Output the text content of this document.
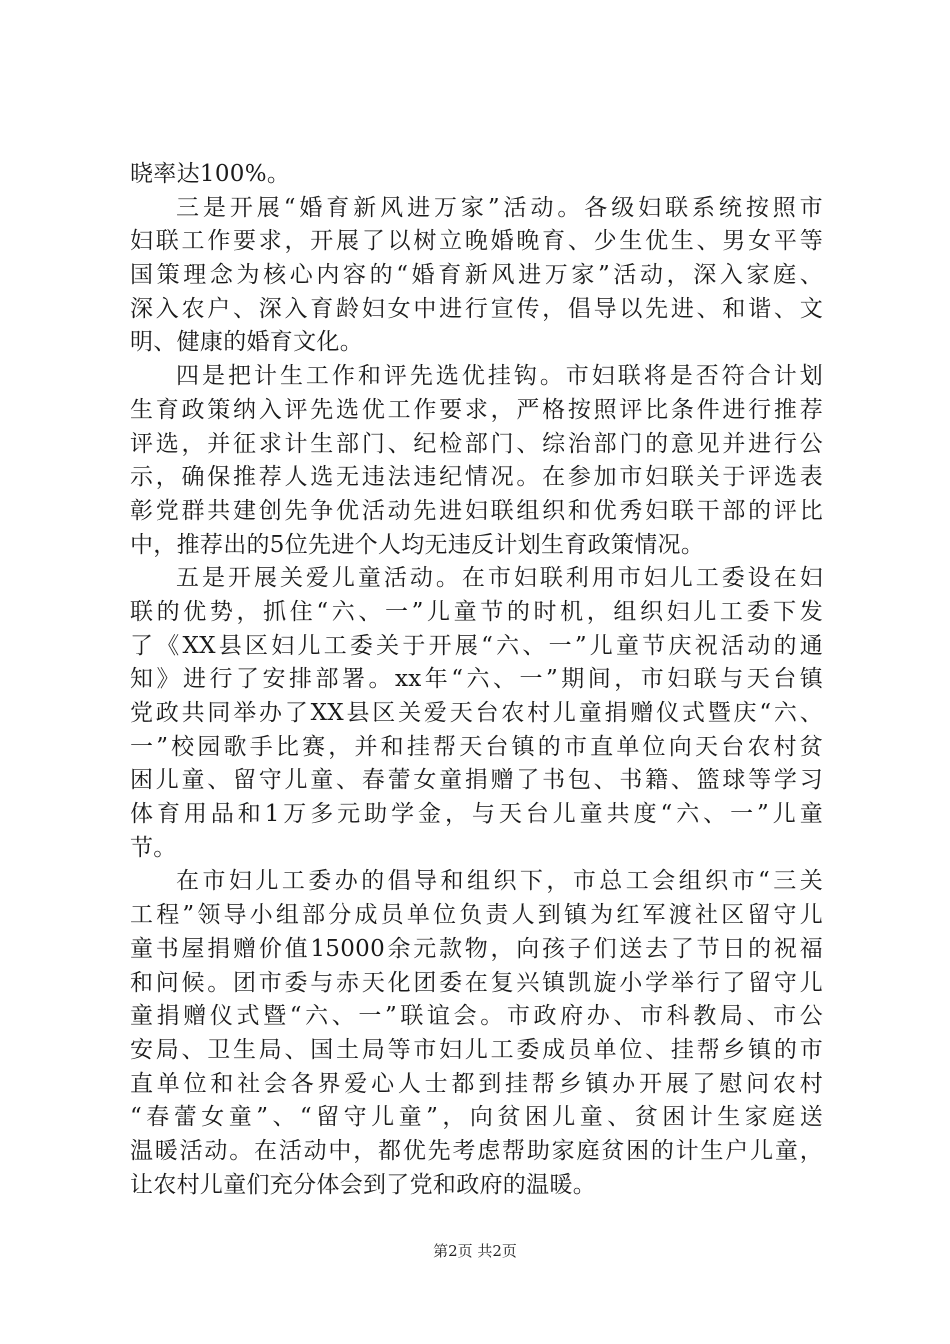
晓率达100%。
三是开展“婚育新风进万家”活动。各级妇联系统按照市
妇联工作要求，开展了以树立晚婚晚育、少生优生、男女平等
国策理念为核心内容的“婚育新风进万家”活动，深入家庭、
深入农户、深入育龄妇女中进行宣传，倡导以先进、和谐、文
明、健康的婚育文化。
四是把计生工作和评先选优挂钩。市妇联将是否符合计划
生育政策纳入评先选优工作要求，严格按照评比条件进行推荐
评选，并征求计生部门、纪检部门、综治部门的意见并进行公
示，确保推荐人选无违法违纪情况。在参加市妇联关于评选表
彰党群共建创先争优活动先进妇联组织和优秀妇联干部的评比
中，推荐出的5位先进个人均无违反计划生育政策情况。
五是开展关爱儿童活动。在市妇联利用市妇儿工委设在妇
联的优势，抓住“六、一”儿童节的时机，组织妇儿工委下发
了《XX县区妇儿工委关于开展“六、一”儿童节庆祝活动的通
知》进行了安排部署。xx年“六、一”期间，市妇联与天台镇
党政共同举办了XX县区关爱天台农村儿童捐赠仪式暨庆“六、
一”校园歌手比赛，并和挂帮天台镇的市直单位向天台农村贫
困儿童、留守儿童、春蕾女童捐赠了书包、书籍、篮球等学习
体育用品和1万多元助学金，与天台儿童共度“六、一”儿童
节。
在市妇儿工委办的倡导和组织下，市总工会组织市“三关
工程”领导小组部分成员单位负责人到镇为红军渡社区留守儿
童书屋捐赠价值15000余元款物，向孩子们送去了节日的祝福
和问候。团市委与赤天化团委在复兴镇凯旋小学举行了留守儿
童捐赠仪式暨“六、一”联谊会。市政府办、市科教局、市公
安局、卫生局、国土局等市妇儿工委成员单位、挂帮乡镇的市
直单位和社会各界爱心人士都到挂帮乡镇办开展了慰问农村
“春蕾女童”、“留守儿童”，向贫困儿童、贫困计生家庭送
温暖活动。在活动中，都优先考虑帮助家庭贫困的计生户儿童，
让农村儿童们充分体会到了党和政府的温暖。
第2页 共2页
